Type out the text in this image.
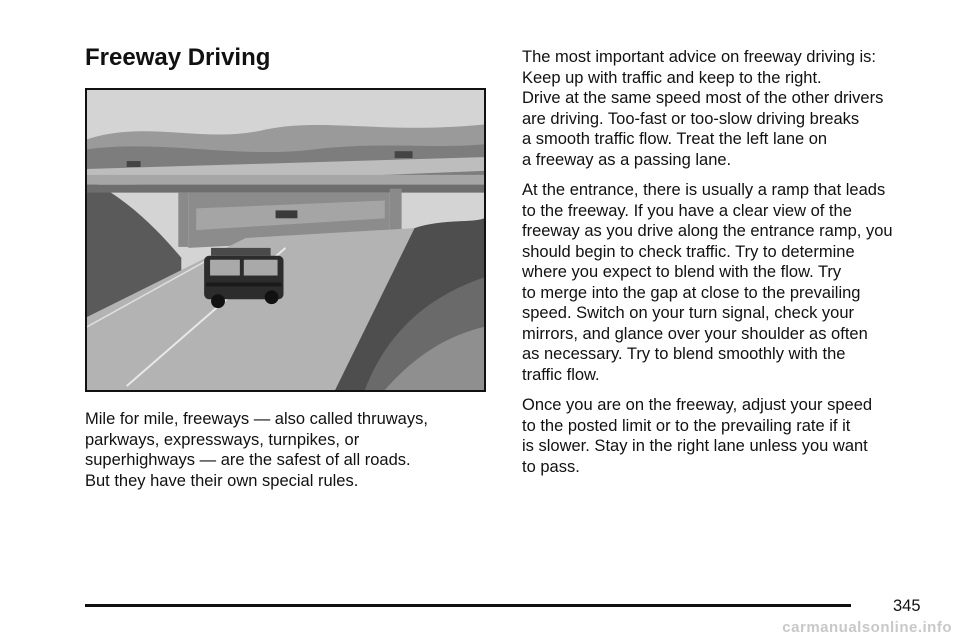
Freeway Driving
Mile for mile, freeways — also called thruways,
parkways, expressways, turnpikes, or
superhighways — are the safest of all roads.
But they have their own special rules.

The most important advice on freeway driving is:
Keep up with traffic and keep to the right.
Drive at the same speed most of the other drivers
are driving. Too-fast or too-slow driving breaks
a smooth traffic flow. Treat the left lane on
a freeway as a passing lane.

At the entrance, there is usually a ramp that leads
to the freeway. If you have a clear view of the
freeway as you drive along the entrance ramp, you
should begin to check traffic. Try to determine
where you expect to blend with the flow. Try
to merge into the gap at close to the prevailing
speed. Switch on your turn signal, check your
mirrors, and glance over your shoulder as often
as necessary. Try to blend smoothly with the
traffic flow.

Once you are on the freeway, adjust your speed
to the posted limit or to the prevailing rate if it
is slower. Stay in the right lane unless you want
to pass.

345
carmanualsonline.info
